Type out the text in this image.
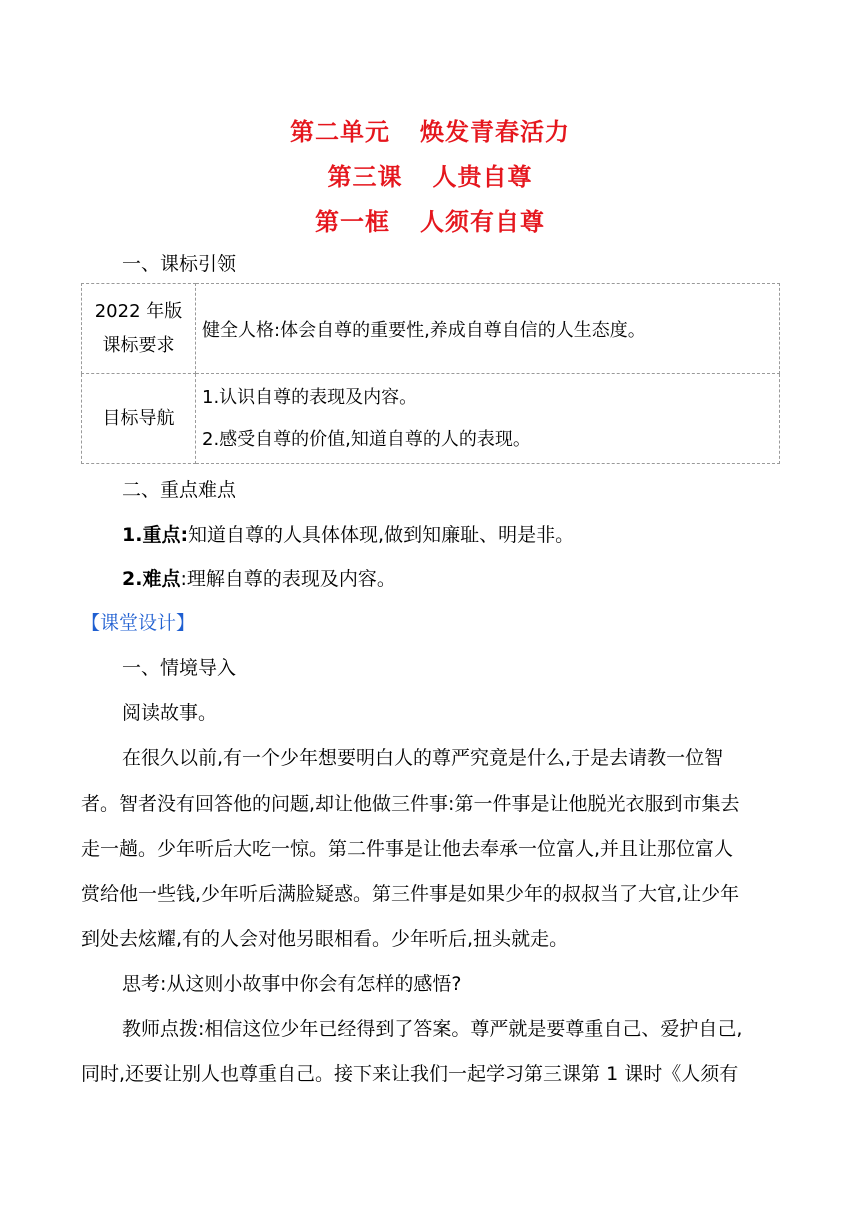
第二单元 焕发青春活力
第三课 人贵自尊
第一框 人须有自尊
一、课标引领
2022 年版
课标要求	健全人格:体会自尊的重要性,养成自尊自信的人生态度。
目标导航	1.认识自尊的表现及内容。
2.感受自尊的价值,知道自尊的人的表现。
二、重点难点
1.重点:知道自尊的人具体体现,做到知廉耻、明是非。
2.难点:理解自尊的表现及内容。
【课堂设计】
一、情境导入
阅读故事。
在很久以前,有一个少年想要明白人的尊严究竟是什么,于是去请教一位智
者。智者没有回答他的问题,却让他做三件事:第一件事是让他脱光衣服到市集去
走一趟。少年听后大吃一惊。第二件事是让他去奉承一位富人,并且让那位富人
赏给他一些钱,少年听后满脸疑惑。第三件事是如果少年的叔叔当了大官,让少年
到处去炫耀,有的人会对他另眼相看。少年听后,扭头就走。
思考:从这则小故事中你会有怎样的感悟?
教师点拨:相信这位少年已经得到了答案。尊严就是要尊重自己、爱护自己,
同时,还要让别人也尊重自己。接下来让我们一起学习第三课第 1 课时《人须有
